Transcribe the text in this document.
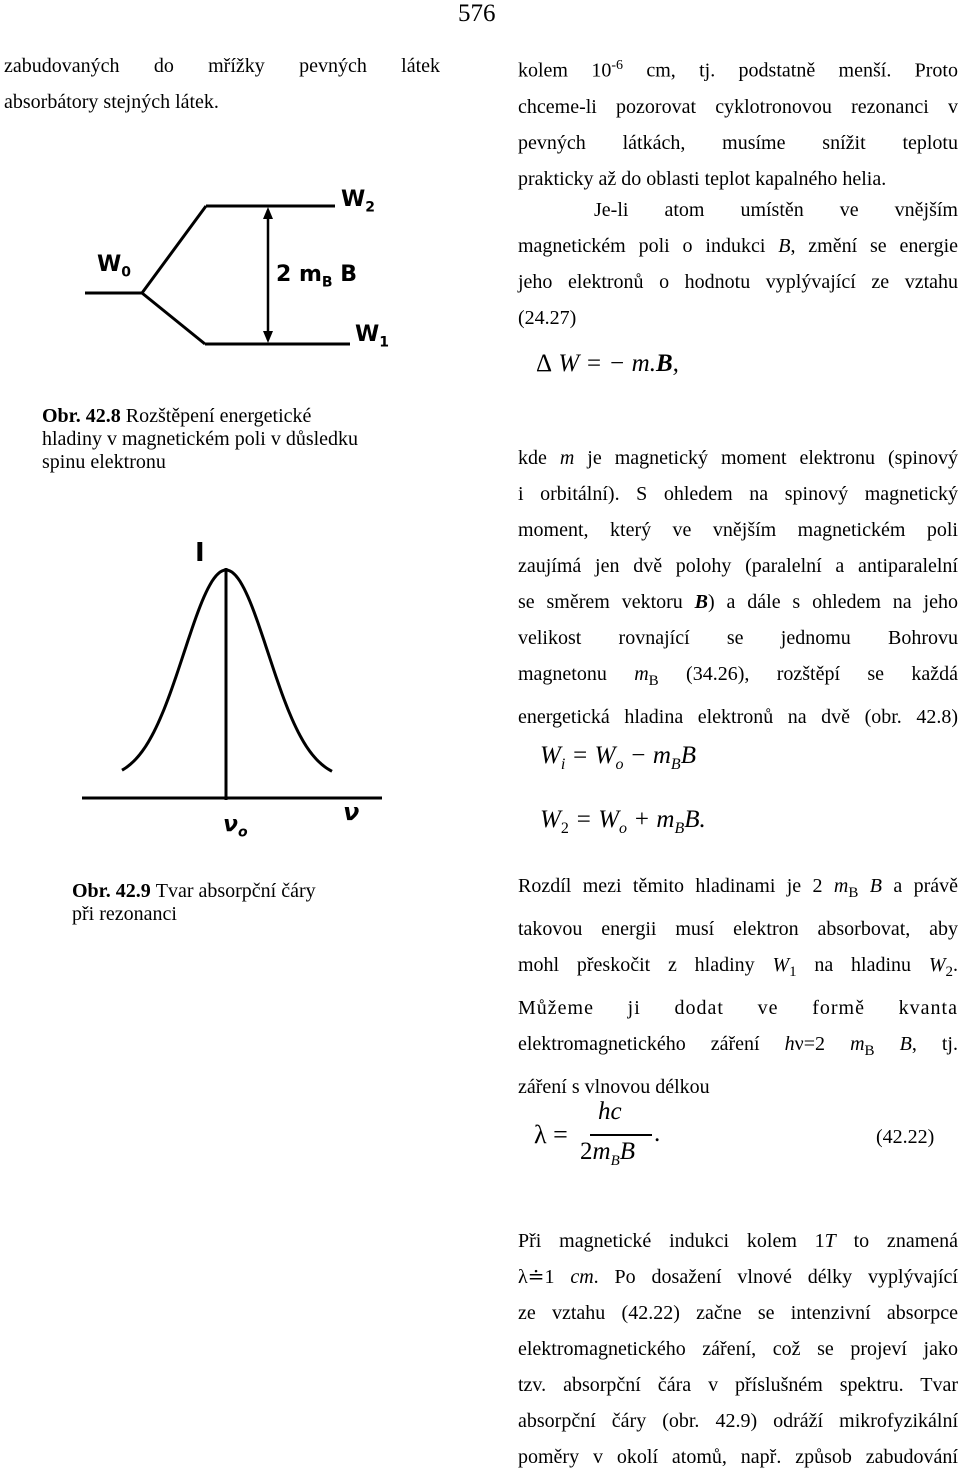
576
zabudovaných do mřížky pevných látek
absorbátory stejných látek.
$W_0$
$W_2$
$W_1$
2 $m_B$ B
Obr. 42.8 Rozštěpení energetické
hladiny v magnetickém poli v důsledku
spinu elektronu
I
ν
$\nu_o$
Obr. 42.9 Tvar absorpční čáry
při rezonanci
kolem $10^{-6}$ cm, tj. podstatně menší. Proto
chceme-li pozorovat cyklotronovou rezonanci v
pevných látkách, musíme snížit teplotu
prakticky až do oblasti teplot kapalného helia.
Je-li atom umístěn ve vnějším
magnetickém poli o indukci B, změní se energie
jeho elektronů o hodnotu vyplývající ze vztahu
(24.27)
Δ W = − m.B,
kde m je magnetický moment elektronu (spinový
i orbitální). S ohledem na spinový magnetický
moment, který ve vnějším magnetickém poli
zaujímá jen dvě polohy (paralelní a antiparalelní
se směrem vektoru B) a dále s ohledem na jeho
velikost rovnající se jednomu Bohrovu
magnetonu $m_B$ (34.26), rozštěpí se každá
energetická hladina elektronů na dvě (obr. 42.8)
$W_i = W_o - m_BB$
$W_2 = W_o + m_BB$.
Rozdíl mezi těmito hladinami je 2 $m_B$ B a právě
takovou energii musí elektron absorbovat, aby
mohl přeskočit z hladiny $W_1$ na hladinu $W_2$.
Můžeme ji dodat ve formě kvanta
elektromagnetického záření hν=2 $m_B$ B, tj.
záření s vlnovou délkou
λ =
hc
$2m_BB$
.	(42.22)
Při magnetické indukci kolem 1T to znamená
λ≐1 cm. Po dosažení vlnové délky vyplývající
ze vztahu (42.22) začne se intenzivní absorpce
elektromagnetického záření, což se projeví jako
tzv. absorpční čára v příslušném spektru. Tvar
absorpční čáry (obr. 42.9) odráží mikrofyzikální
poměry v okolí atomů, např. způsob zabudování
